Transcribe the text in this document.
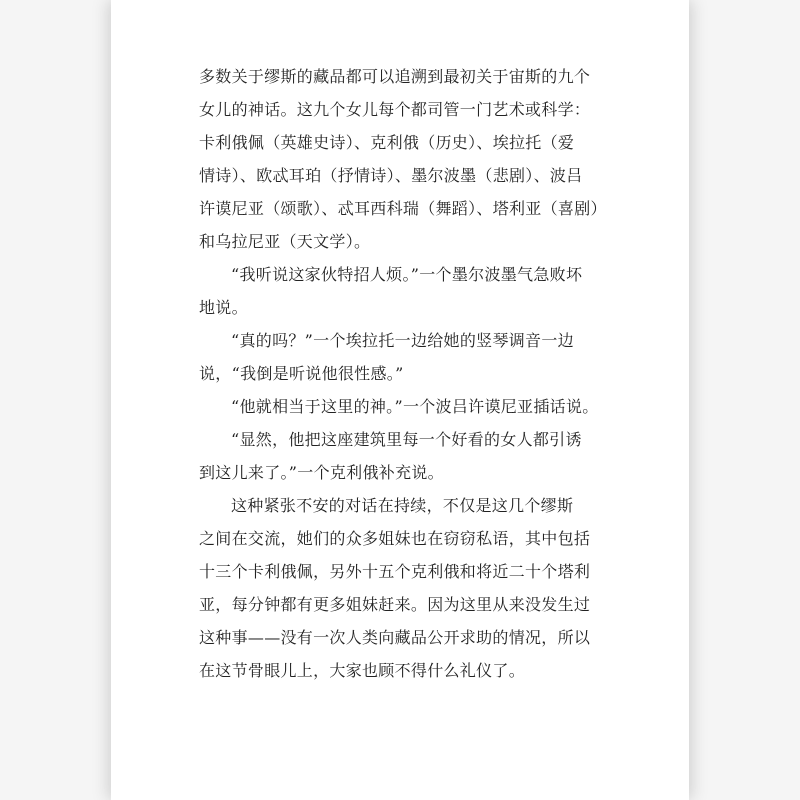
多数关于缪斯的藏品都可以追溯到最初关于宙斯的九个
女儿的神话。这九个女儿每个都司管一门艺术或科学：
卡利俄佩（英雄史诗）、克利俄（历史）、埃拉托（爱
情诗）、欧忒耳珀（抒情诗）、墨尔波墨（悲剧）、波吕
许谟尼亚（颂歌）、忒耳西科瑞（舞蹈）、塔利亚（喜剧）
和乌拉尼亚（天文学）。

“我听说这家伙特招人烦。”一个墨尔波墨气急败坏
地说。

“真的吗？”一个埃拉托一边给她的竖琴调音一边
说，“我倒是听说他很性感。”

“他就相当于这里的神。”一个波吕许谟尼亚插话说。

“显然，他把这座建筑里每一个好看的女人都引诱
到这儿来了。”一个克利俄补充说。

这种紧张不安的对话在持续，不仅是这几个缪斯
之间在交流，她们的众多姐妹也在窃窃私语，其中包括
十三个卡利俄佩，另外十五个克利俄和将近二十个塔利
亚，每分钟都有更多姐妹赶来。因为这里从来没发生过
这种事——没有一次人类向藏品公开求助的情况，所以
在这节骨眼儿上，大家也顾不得什么礼仪了。
